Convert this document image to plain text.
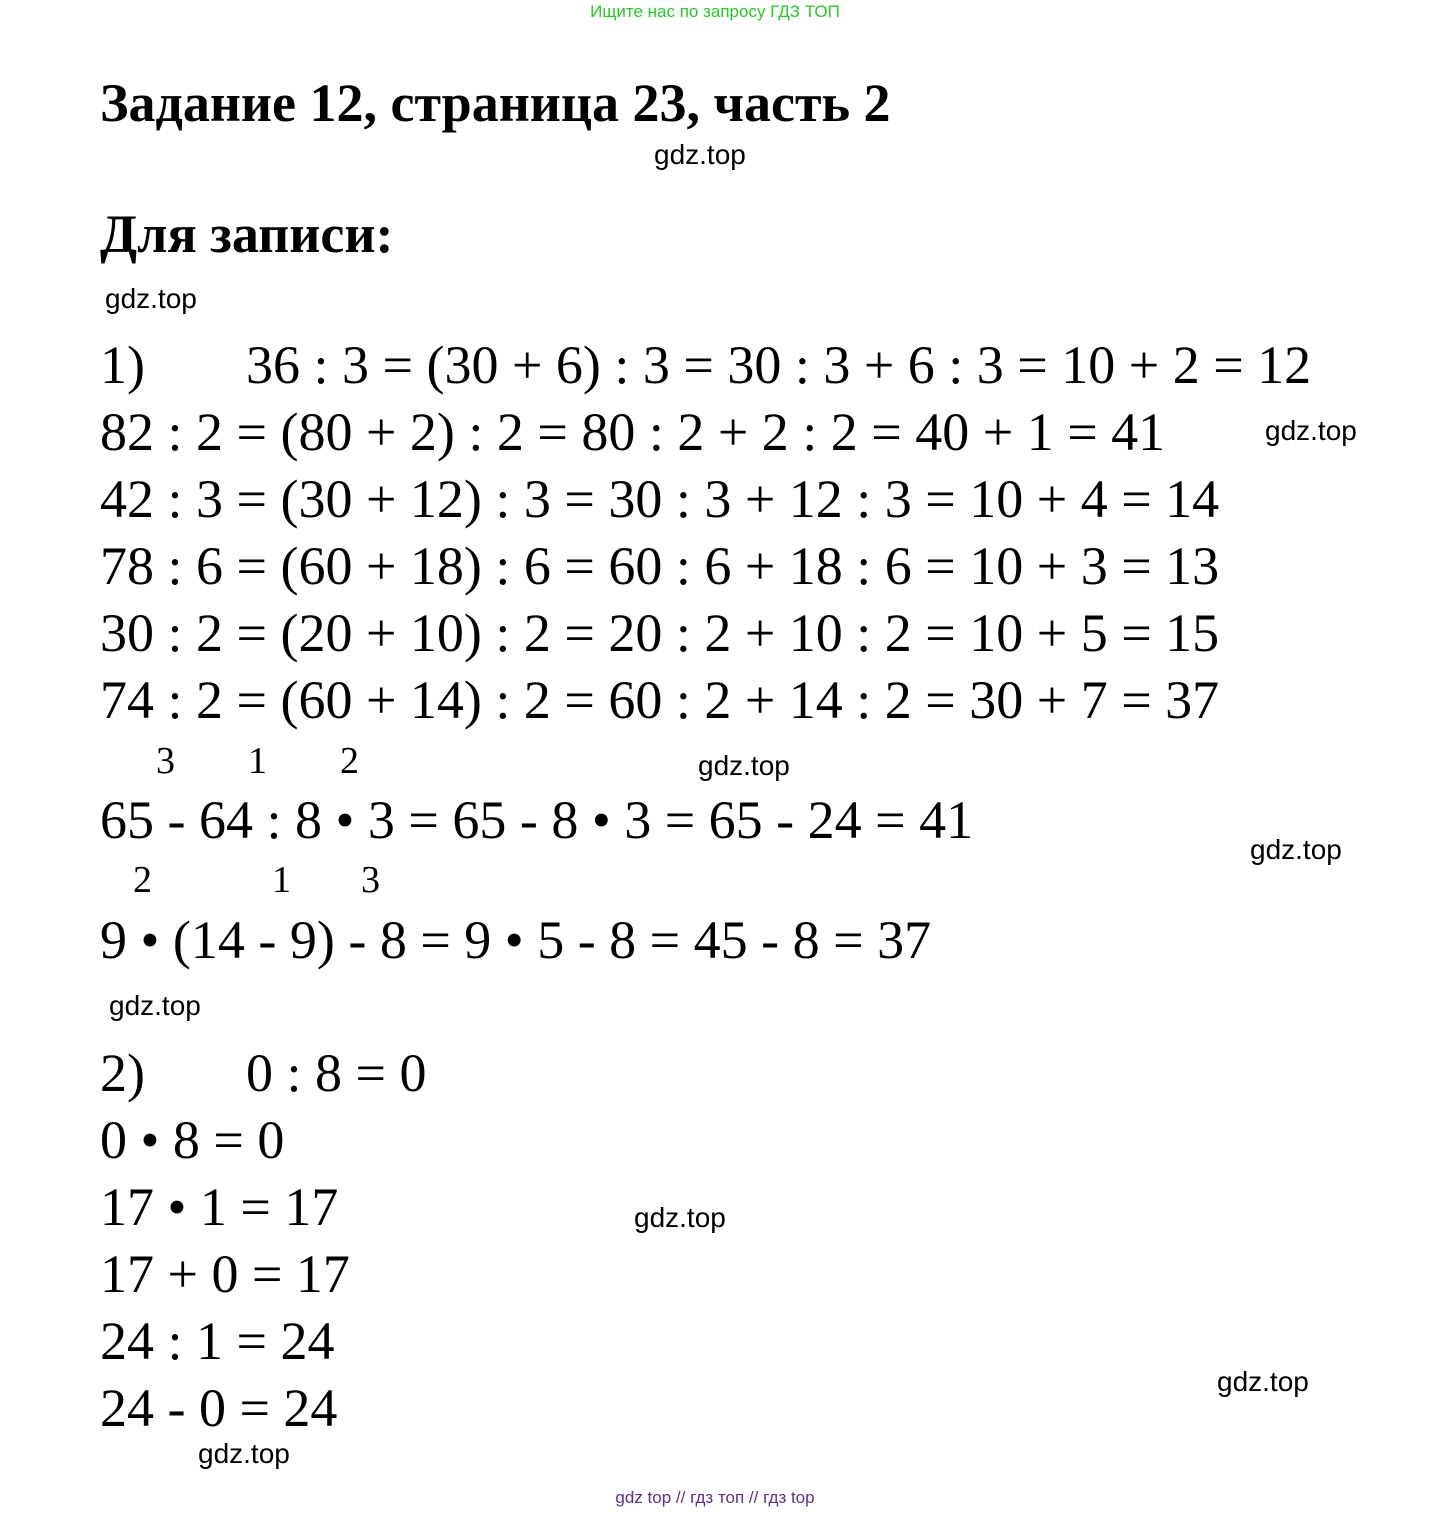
Ищите нас по запросу ГДЗ ТОП
Задание 12, страница 23, часть 2
gdz.top
Для записи:
gdz.top
1) 36 : 3 = (30 + 6) : 3 = 30 : 3 + 6 : 3 = 10 + 2 = 12
82 : 2 = (80 + 2) : 2 = 80 : 2 + 2 : 2 = 40 + 1 = 41	gdz.top
42 : 3 = (30 + 12) : 3 = 30 : 3 + 12 : 3 = 10 + 4 = 14
78 : 6 = (60 + 18) : 6 = 60 : 6 + 18 : 6 = 10 + 3 = 13
30 : 2 = (20 + 10) : 2 = 20 : 2 + 10 : 2 = 10 + 5 = 15
74 : 2 = (60 + 14) : 2 = 60 : 2 + 14 : 2 = 30 + 7 = 37
3 1 2	gdz.top
65 - 64 : 8 • 3 = 65 - 8 • 3 = 65 - 24 = 41	gdz.top
2	1 3
9 • (14 - 9) - 8 = 9 • 5 - 8 = 45 - 8 = 37
gdz.top
2) 0 : 8 = 0
0 • 8 = 0
17 • 1 = 17	gdz.top
17 + 0 = 17
24 : 1 = 24
gdz.top
24 - 0 = 24
gdz.top
gdz top // гдз топ // гдз top
